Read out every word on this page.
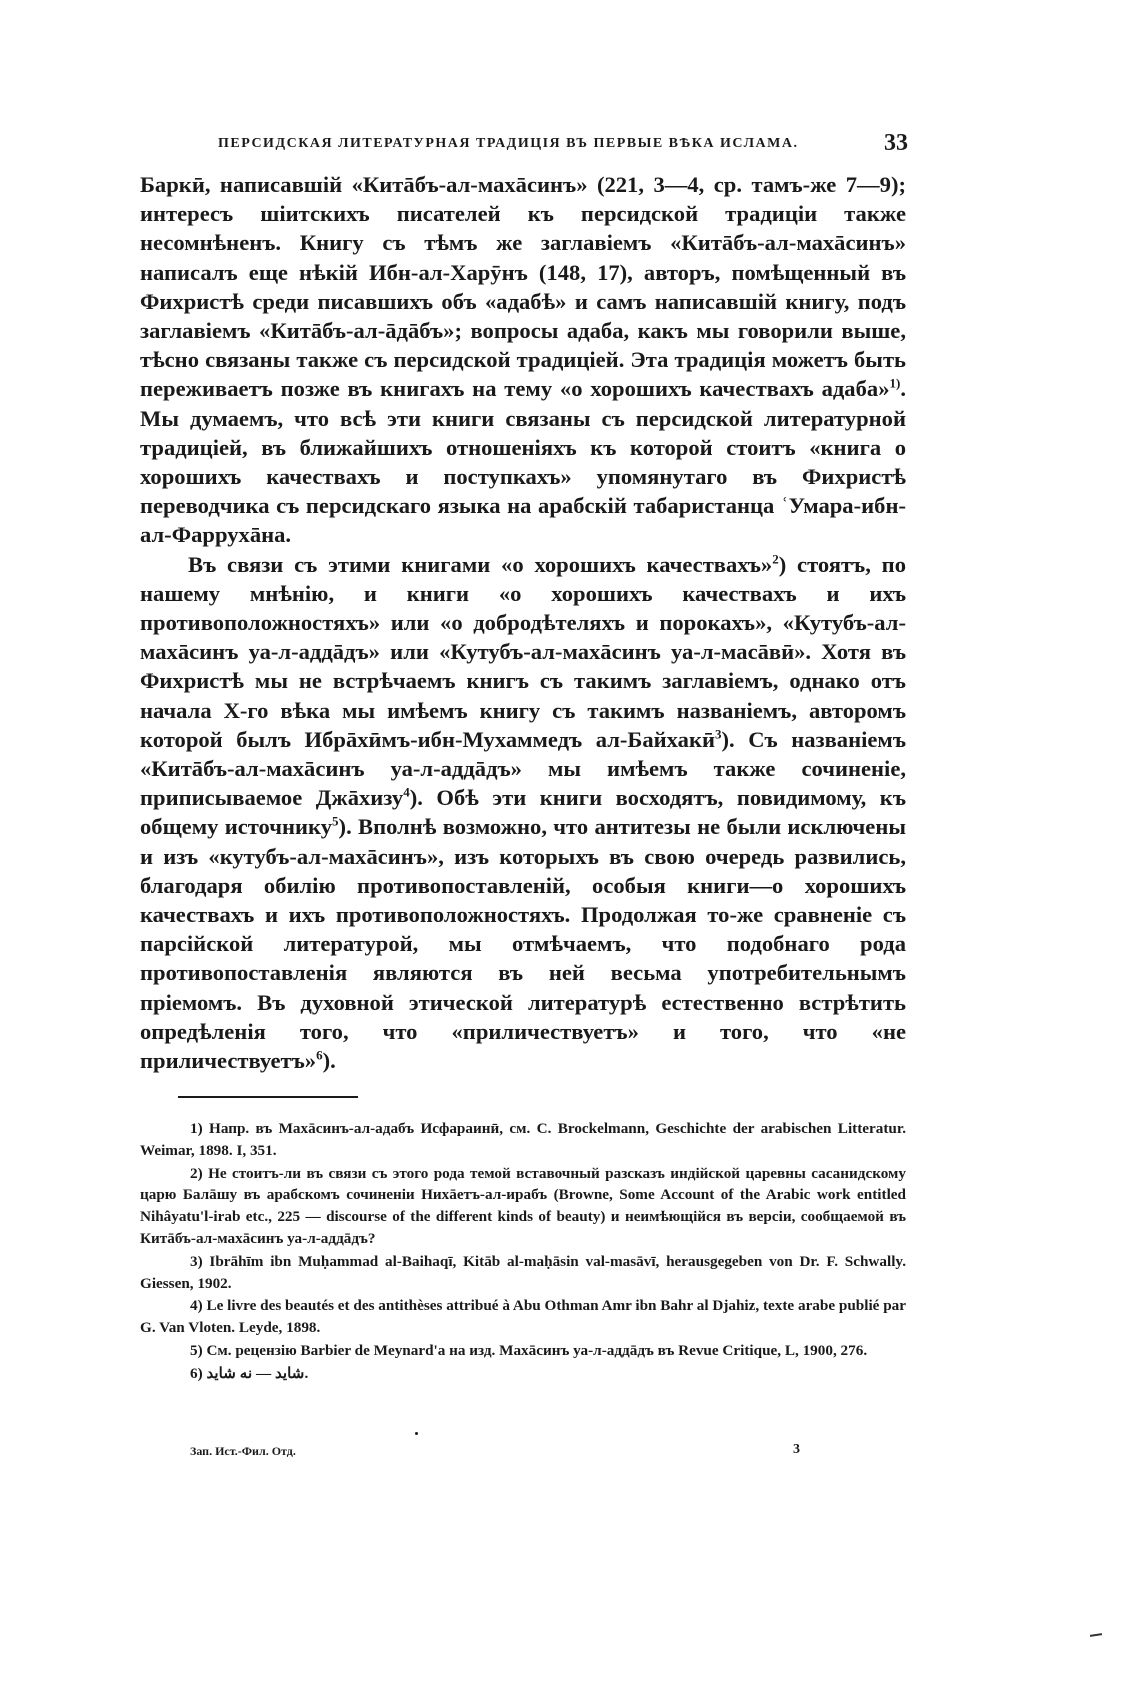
ПЕРСИДСКАЯ ЛИТЕРАТУРНАЯ ТРАДИЦІЯ ВЪ ПЕРВЫЕ ВѢКА ИСЛАМА.	33

Баркӣ, написавшій «Китāбъ-ал-махāсинъ» (221, 3—4, ср. тамъ-же 7—9); интересъ шіитскихъ писателей къ персидской традиціи также несомнѣненъ. Книгу съ тѣмъ же заглавіемъ «Китāбъ-ал-махāсинъ» написалъ еще нѣкій Ибн-ал-Харӯнъ (148, 17), авторъ, помѣщенный въ Фихристѣ среди писавшихъ объ «адабѣ» и самъ написавшій книгу, подъ заглавіемъ «Китāбъ-ал-āдāбъ»; вопросы адаба, какъ мы говорили выше, тѣсно связаны также съ персидской традиціей. Эта традиція можетъ быть переживаетъ позже въ книгахъ на тему «о хорошихъ качествахъ адаба»$^{1)}$. Мы думаемъ, что всѣ эти книги связаны съ персидской литературной традиціей, въ ближайшихъ отношеніяхъ къ которой стоитъ «книга о хорошихъ качествахъ и поступкахъ» упомянутаго въ Фихристѣ переводчика съ персидскаго языка на арабскій табаристанца ʿУмара-ибн-ал-Фаррухāна.

Въ связи съ этими книгами «о хорошихъ качествахъ»$^2$) стоятъ, по нашему мнѣнію, и книги «о хорошихъ качествахъ и ихъ противоположностяхъ» или «о добродѣтеляхъ и порокахъ», «Кутубъ-ал-махāсинъ уа-л-аддāдъ» или «Кутубъ-ал-махāсинъ уа-л-масāвӣ». Хотя въ Фихристѣ мы не встрѣчаемъ книгъ съ такимъ заглавіемъ, однако отъ начала X-го вѣка мы имѣемъ книгу съ такимъ названіемъ, авторомъ которой былъ Ибрāхӣмъ-ибн-Мухаммедъ ал-Байхакӣ$^3$). Съ названіемъ «Китāбъ-ал-махāсинъ уа-л-аддāдъ» мы имѣемъ также сочиненіе, приписываемое Джāхизу$^4$). Обѣ эти книги восходятъ, повидимому, къ общему источнику$^5$). Вполнѣ возможно, что антитезы не были исключены и изъ «кутубъ-ал-махāсинъ», изъ которыхъ въ свою очередь развились, благодаря обилію противопоставленій, особыя книги—о хорошихъ качествахъ и ихъ противоположностяхъ. Продолжая то-же сравненіе съ парсійской литературой, мы отмѣчаемъ, что подобнаго рода противопоставленія являются въ ней весьма употребительнымъ пріемомъ. Въ духовной этической литературѣ естественно встрѣтить опредѣленія того, что «приличествуетъ» и того, что «не приличествуетъ»$^6$).

1) Напр. въ Махāсинъ-ал-адабъ Исфараинӣ, см. C. Brockelmann, Geschichte der arabischen Litteratur. Weimar, 1898. I, 351.

2) Не стоитъ-ли въ связи съ этого рода темой вставочный разсказъ индійской царевны сасанидскому царю Балāшу въ арабскомъ сочиненіи Нихāетъ-ал-ирабъ (Browne, Some Account of the Arabic work entitled Nihâyatu'l-irab etc., 225 — discourse of the different kinds of beauty) и неимѣющійся въ версіи, сообщаемой въ Китāбъ-ал-махāсинъ уа-л-аддāдъ?

3) Ibrāhīm ibn Muḥammad al-Baihaqī, Kitāb al-maḥāsin val-masāvī, herausgegeben von Dr. F. Schwally. Giessen, 1902.

4) Le livre des beautés et des antithèses attribué à Abu Othman Amr ibn Bahr al Djahiz, texte arabe publié par G. Van Vloten. Leyde, 1898.

5) См. рецензію Barbier de Meynard'a на изд. Махāсинъ уа-л-аддāдъ въ Revue Critique, L, 1900, 276.

6) شايد — نه شايد.

Зап. Ист.-Фил. Отд.	3
